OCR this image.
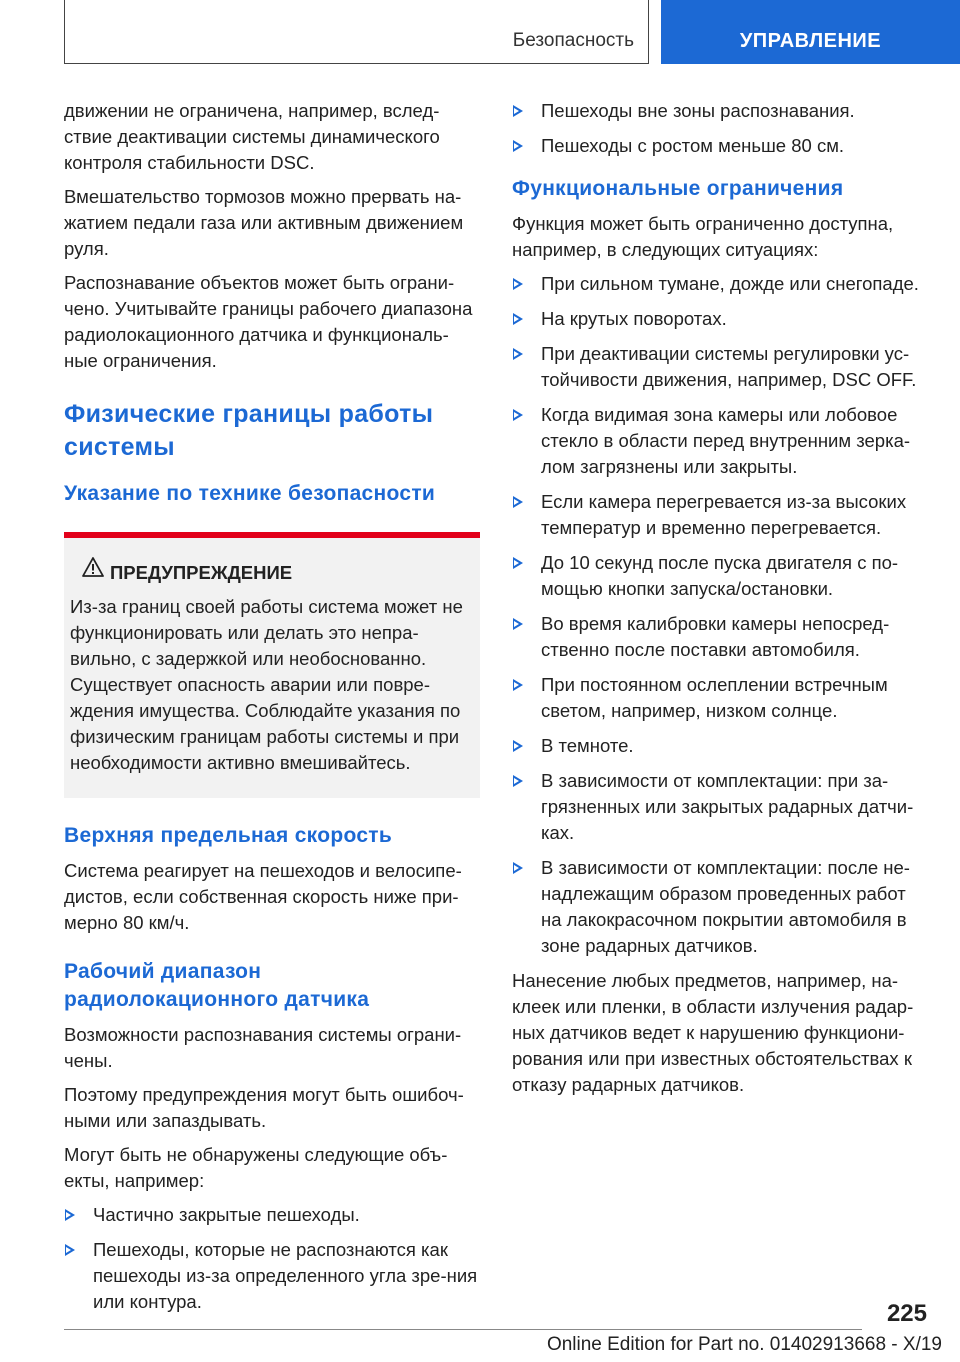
Безопасность	УПРАВЛЕНИЕ

движении не ограничена, например, вслед-ствие деактивации системы динамического контроля стабильности DSC.

Вмешательство тормозов можно прервать на-жатием педали газа или активным движением руля.

Распознавание объектов может быть ограни-чено. Учитывайте границы рабочего диапазона радиолокационного датчика и функциональ-ные ограничения.

Физические границы работы системы
Указание по технике безопасности
ПРЕДУПРЕЖДЕНИЕ
Из-за границ своей работы система может не функционировать или делать это непра-вильно, с задержкой или необоснованно. Существует опасность аварии или повре-ждения имущества. Соблюдайте указания по физическим границам работы системы и при необходимости активно вмешивайтесь.
Верхняя предельная скорость

Система реагирует на пешеходов и велосипе-дистов, если собственная скорость ниже при-мерно 80 км/ч.

Рабочий диапазон радиолокационного датчика

Возможности распознавания системы ограни-чены.

Поэтому предупреждения могут быть ошибоч-ными или запаздывать.

Могут быть не обнаружены следующие объ-екты, например:

Частично закрытые пешеходы.
Пешеходы, которые не распознаются как пешеходы из-за определенного угла зре-ния или контура.
Пешеходы вне зоны распознавания.
Пешеходы с ростом меньше 80 см.
Функциональные ограничения

Функция может быть ограниченно доступна, например, в следующих ситуациях:

При сильном тумане, дожде или снегопаде.
На крутых поворотах.
При деактивации системы регулировки ус-тойчивости движения, например, DSC OFF.
Когда видимая зона камеры или лобовое стекло в области перед внутренним зерка-лом загрязнены или закрыты.
Если камера перегревается из-за высоких температур и временно перегревается.
До 10 секунд после пуска двигателя с по-мощью кнопки запуска/остановки.
Во время калибровки камеры непосред-ственно после поставки автомобиля.
При постоянном ослеплении встречным светом, например, низком солнце.
В темноте.
В зависимости от комплектации: при за-грязненных или закрытых радарных датчи-ках.
В зависимости от комплектации: после не-надлежащим образом проведенных работ на лакокрасочном покрытии автомобиля в зоне радарных датчиков.

Нанесение любых предметов, например, на-клеек или пленки, в области излучения радар-ных датчиков ведет к нарушению функциони-рования или при известных обстоятельствах к отказу радарных датчиков.

225
Online Edition for Part no. 01402913668 - X/19
